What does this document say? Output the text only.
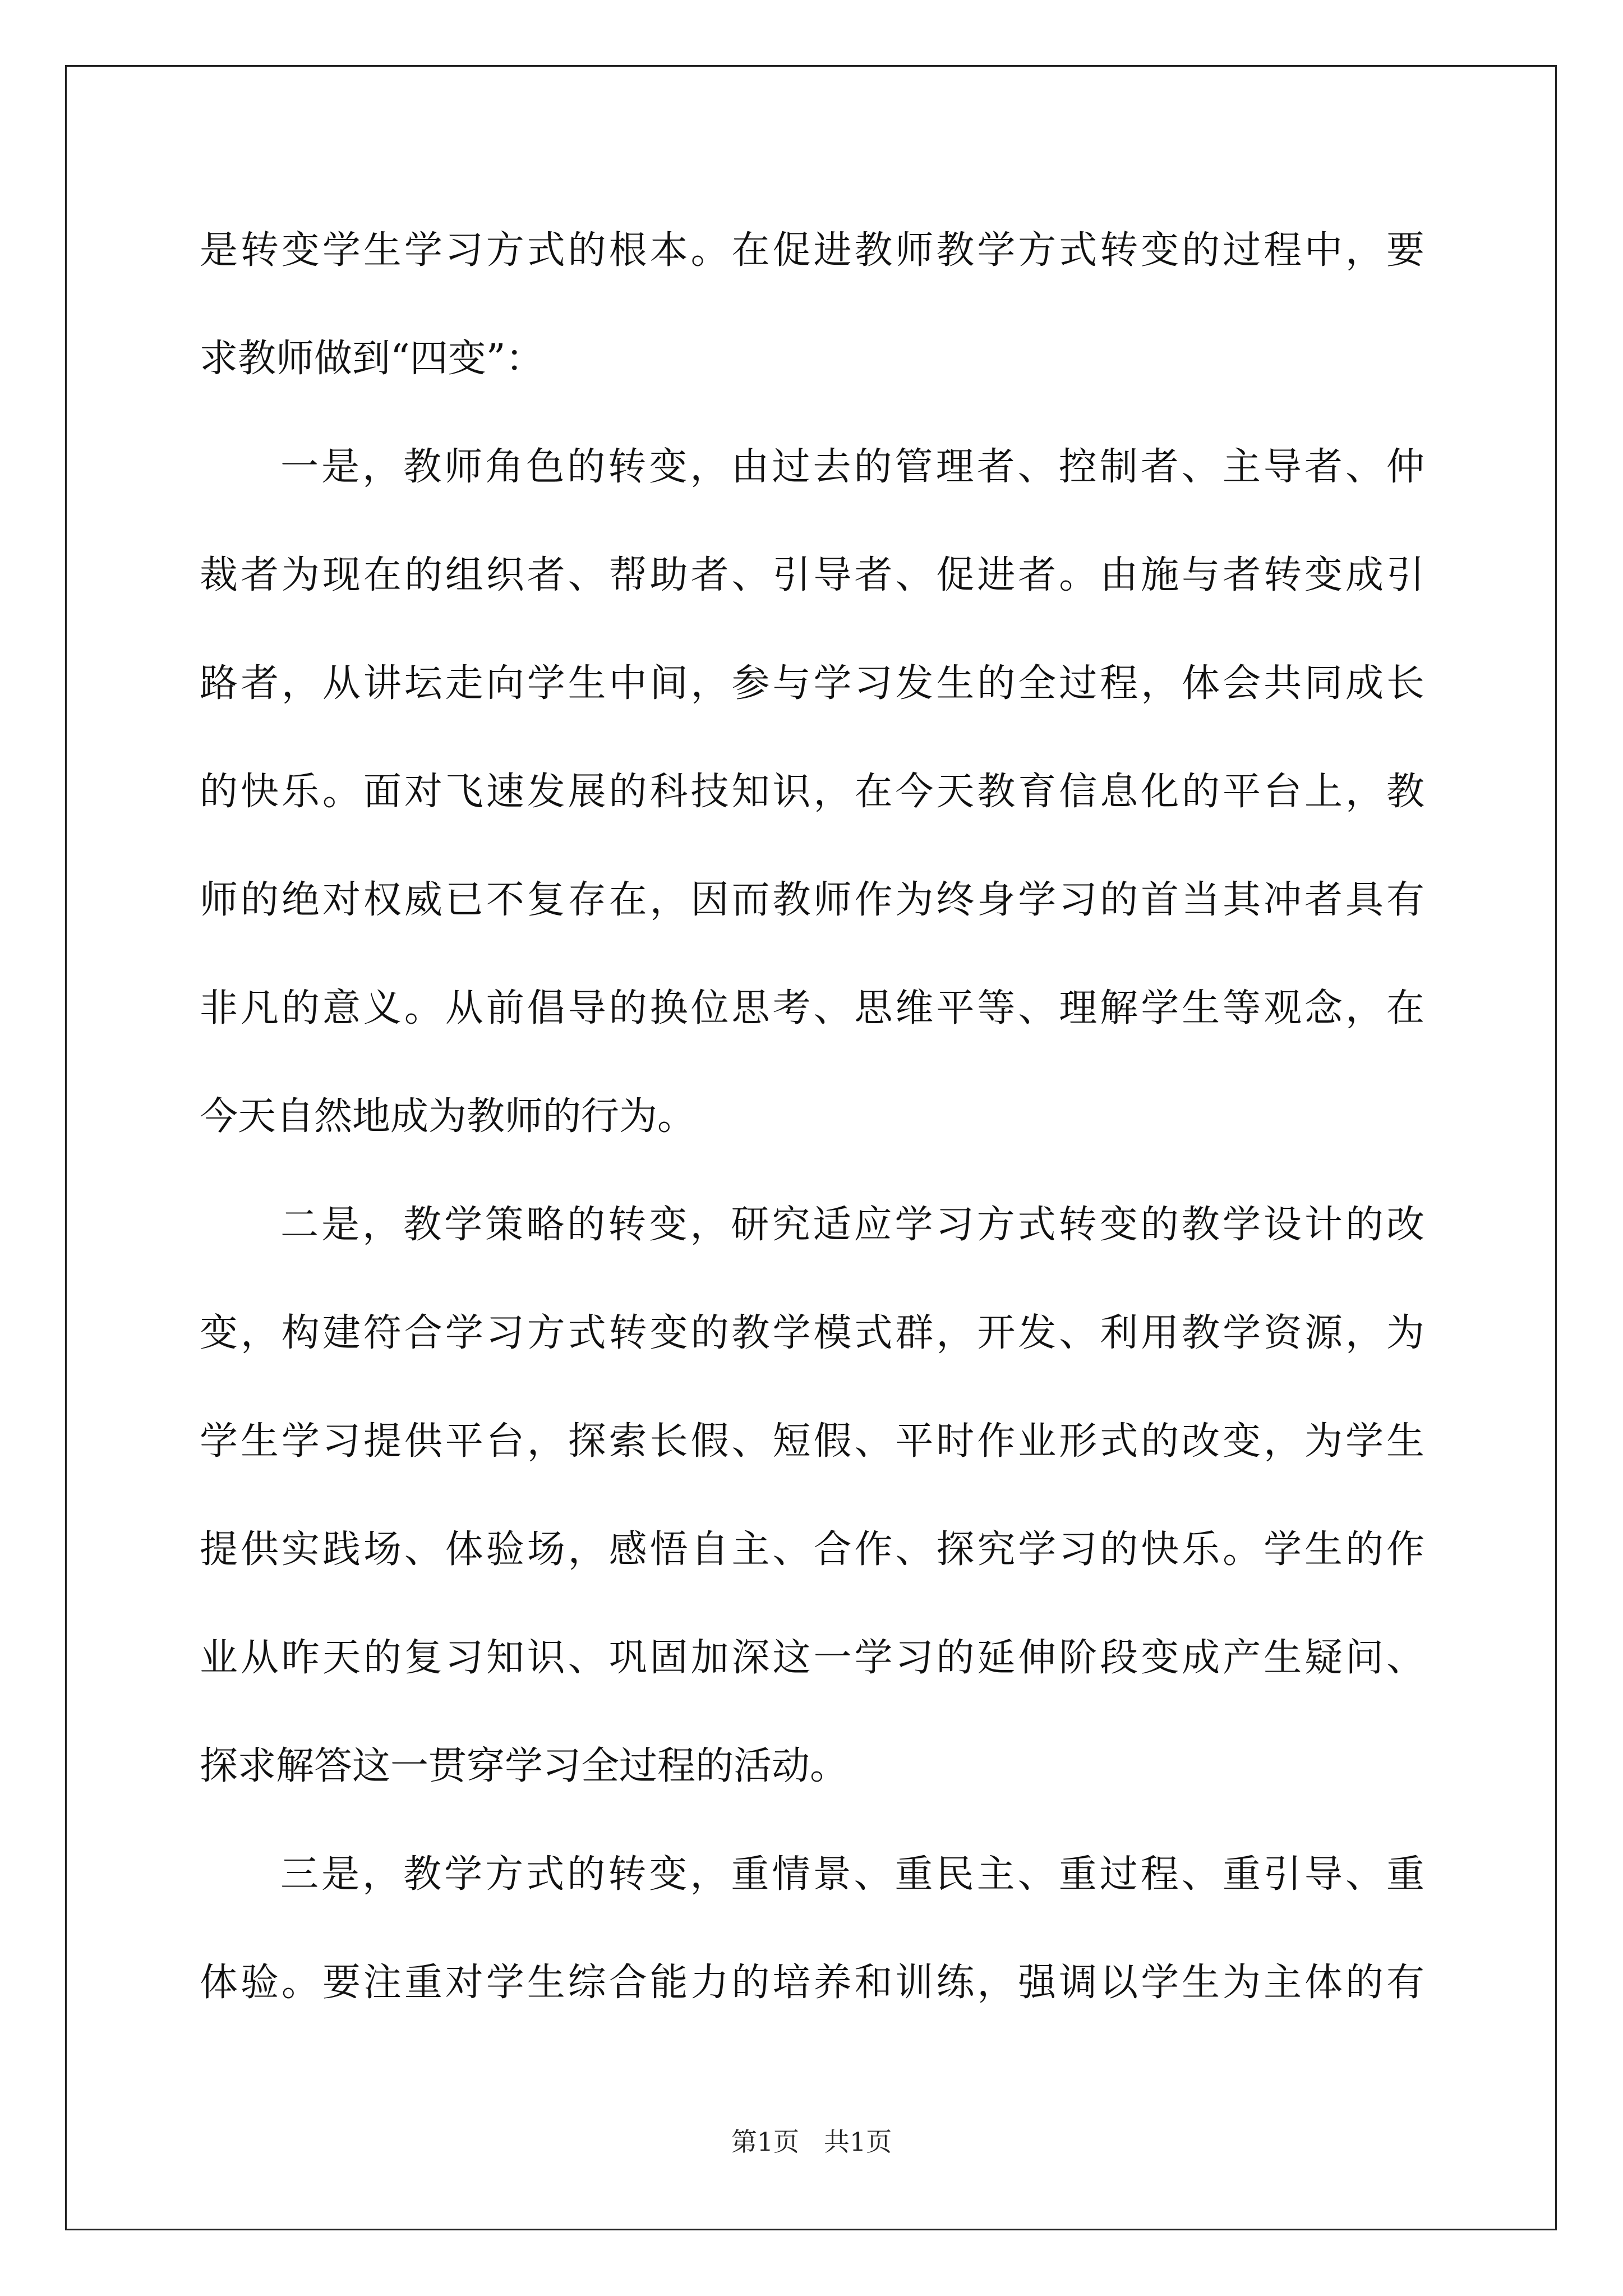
是转变学生学习方式的根本。在促进教师教学方式转变的过程中，要
求教师做到“四变”：
一是，教师角色的转变，由过去的管理者、控制者、主导者、仲
裁者为现在的组织者、帮助者、引导者、促进者。由施与者转变成引
路者，从讲坛走向学生中间，参与学习发生的全过程，体会共同成长
的快乐。面对飞速发展的科技知识，在今天教育信息化的平台上，教
师的绝对权威已不复存在，因而教师作为终身学习的首当其冲者具有
非凡的意义。从前倡导的换位思考、思维平等、理解学生等观念，在
今天自然地成为教师的行为。
二是，教学策略的转变，研究适应学习方式转变的教学设计的改
变，构建符合学习方式转变的教学模式群，开发、利用教学资源，为
学生学习提供平台，探索长假、短假、平时作业形式的改变，为学生
提供实践场、体验场，感悟自主、合作、探究学习的快乐。学生的作
业从昨天的复习知识、巩固加深这一学习的延伸阶段变成产生疑问、
探求解答这一贯穿学习全过程的活动。
三是，教学方式的转变，重情景、重民主、重过程、重引导、重
体验。要注重对学生综合能力的培养和训练，强调以学生为主体的有
第1页 共1页
